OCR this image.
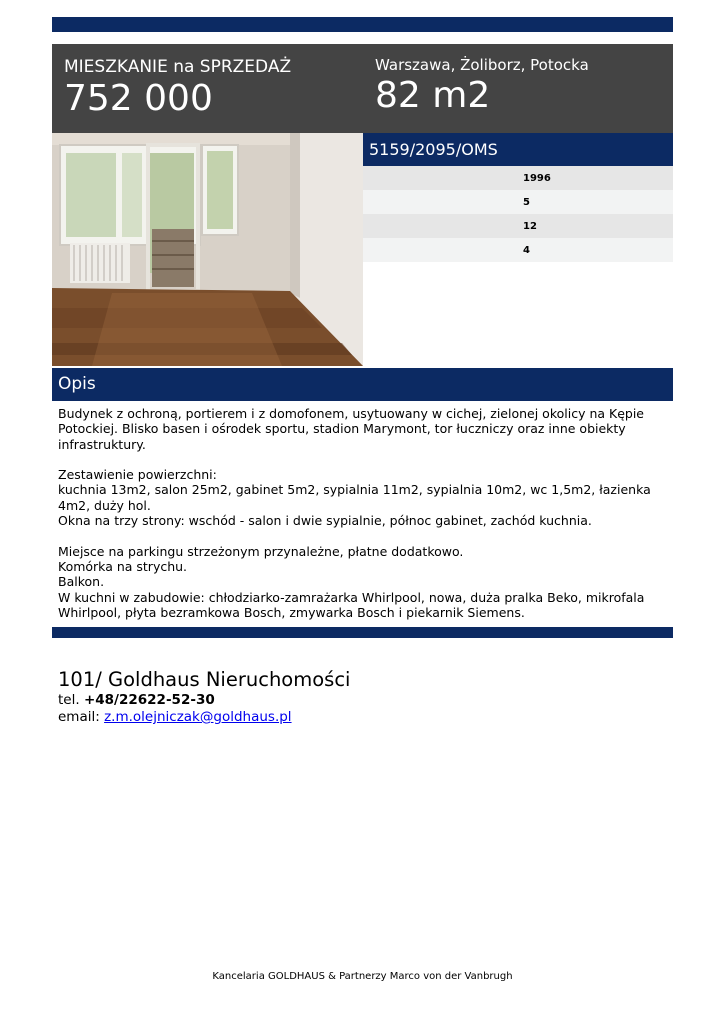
MIESZKANIE na SPRZEDAŻ
752 000
Warszawa, Żoliborz, Potocka
82 m2
5159/2095/OMS
1996
5
12
4
Opis

Budynek z ochroną, portierem i z domofonem, usytuowany w cichej, zielonej okolicy na Kępie Potockiej. Blisko basen i ośrodek sportu, stadion Marymont, tor łuczniczy oraz inne obiekty infrastruktury.

Zestawienie powierzchni:

kuchnia 13m2, salon 25m2, gabinet 5m2, sypialnia 11m2, sypialnia 10m2, wc 1,5m2, łazienka 4m2, duży hol.

Okna na trzy strony: wschód - salon i dwie sypialnie, północ gabinet, zachód kuchnia.

Miejsce na parkingu strzeżonym przynależne, płatne dodatkowo.

Komórka na strychu.

Balkon.

W kuchni w zabudowie: chłodziarko-zamrażarka Whirlpool, nowa, duża pralka Beko, mikrofala Whirlpool, płyta bezramkowa Bosch, zmywarka Bosch i piekarnik Siemens.

101/ Goldhaus Nieruchomości
tel. +48/22622-52-30
email: z.m.olejniczak@goldhaus.pl
Kancelaria GOLDHAUS & Partnerzy Marco von der Vanbrugh
